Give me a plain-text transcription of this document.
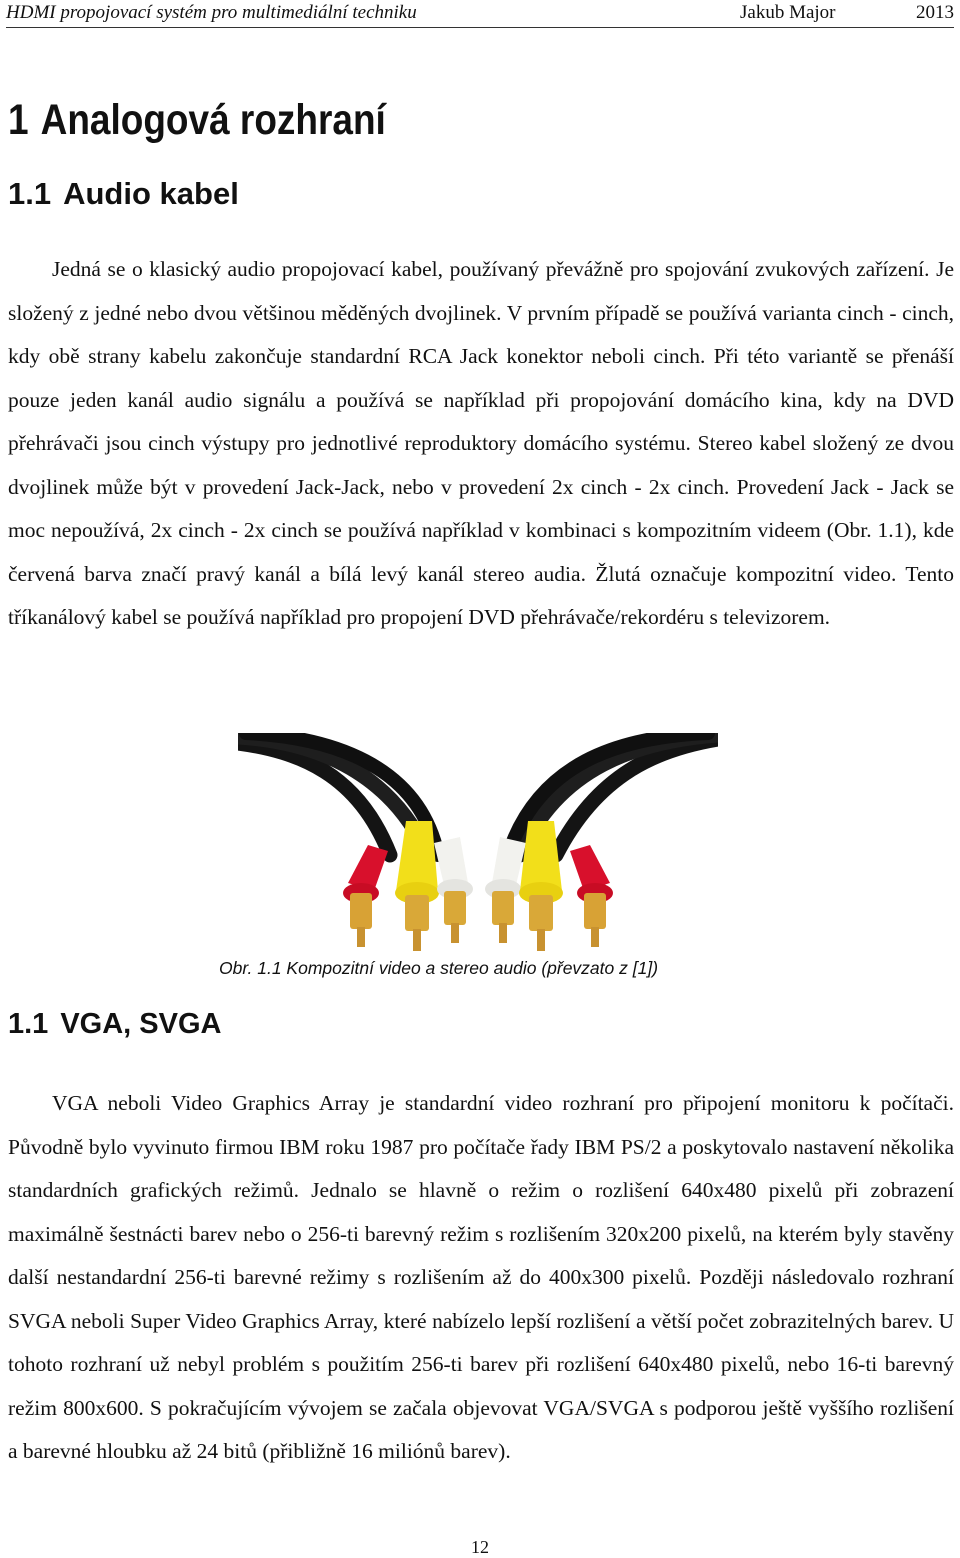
HDMI propojovací systém pro multimediální techniku	Jakub Major	2013
1 Analogová rozhraní
1.1 Audio kabel

Jedná se o klasický audio propojovací kabel, používaný převážně pro spojování zvukových zařízení. Je složený z jedné nebo dvou většinou měděných dvojlinek. V prvním případě se používá varianta cinch - cinch, kdy obě strany kabelu zakončuje standardní RCA Jack konektor neboli cinch. Při této variantě se přenáší pouze jeden kanál audio signálu a používá se například při propojování domácího kina, kdy na DVD přehrávači jsou cinch výstupy pro jednotlivé reproduktory domácího systému. Stereo kabel složený ze dvou dvojlinek může být v provedení Jack-Jack, nebo v provedení 2x cinch - 2x cinch. Provedení Jack - Jack se moc nepoužívá, 2x cinch - 2x cinch se používá například v kombinaci s kompozitním videem (Obr. 1.1), kde červená barva značí pravý kanál a bílá levý kanál stereo audia. Žlutá označuje kompozitní video. Tento tříkanálový kabel se používá například pro propojení DVD přehrávače/rekordéru s televizorem.

Obr. 1.1 Kompozitní video a stereo audio (převzato z [1])
1.1 VGA, SVGA

VGA neboli Video Graphics Array je standardní video rozhraní pro připojení monitoru k počítači. Původně bylo vyvinuto firmou IBM roku 1987 pro počítače řady IBM PS/2 a poskytovalo nastavení několika standardních grafických režimů. Jednalo se hlavně o režim o rozlišení 640x480 pixelů při zobrazení maximálně šestnácti barev nebo o 256-ti barevný režim s rozlišením 320x200 pixelů, na kterém byly stavěny další nestandardní 256-ti barevné režimy s rozlišením až do 400x300 pixelů. Později následovalo rozhraní SVGA neboli Super Video Graphics Array, které nabízelo lepší rozlišení a větší počet zobrazitelných barev. U tohoto rozhraní už nebyl problém s použitím 256-ti barev při rozlišení 640x480 pixelů, nebo 16-ti barevný režim 800x600. S pokračujícím vývojem se začala objevovat VGA/SVGA s podporou ještě vyššího rozlišení a barevné hloubku až 24 bitů (přibližně 16 miliónů barev).

12
